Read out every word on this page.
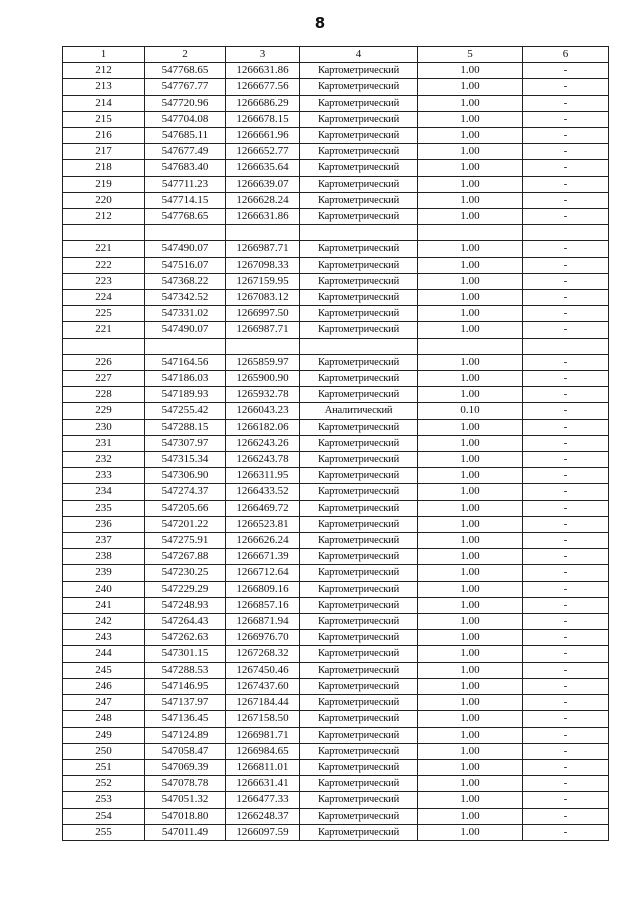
8
1	2	3	4	5	6
212	547768.65	1266631.86	Картометрический	1.00	-
213	547767.77	1266677.56	Картометрический	1.00	-
214	547720.96	1266686.29	Картометрический	1.00	-
215	547704.08	1266678.15	Картометрический	1.00	-
216	547685.11	1266661.96	Картометрический	1.00	-
217	547677.49	1266652.77	Картометрический	1.00	-
218	547683.40	1266635.64	Картометрический	1.00	-
219	547711.23	1266639.07	Картометрический	1.00	-
220	547714.15	1266628.24	Картометрический	1.00	-
212	547768.65	1266631.86	Картометрический	1.00	-

221	547490.07	1266987.71	Картометрический	1.00	-
222	547516.07	1267098.33	Картометрический	1.00	-
223	547368.22	1267159.95	Картометрический	1.00	-
224	547342.52	1267083.12	Картометрический	1.00	-
225	547331.02	1266997.50	Картометрический	1.00	-
221	547490.07	1266987.71	Картометрический	1.00	-

226	547164.56	1265859.97	Картометрический	1.00	-
227	547186.03	1265900.90	Картометрический	1.00	-
228	547189.93	1265932.78	Картометрический	1.00	-
229	547255.42	1266043.23	Аналитический	0.10	-
230	547288.15	1266182.06	Картометрический	1.00	-
231	547307.97	1266243.26	Картометрический	1.00	-
232	547315.34	1266243.78	Картометрический	1.00	-
233	547306.90	1266311.95	Картометрический	1.00	-
234	547274.37	1266433.52	Картометрический	1.00	-
235	547205.66	1266469.72	Картометрический	1.00	-
236	547201.22	1266523.81	Картометрический	1.00	-
237	547275.91	1266626.24	Картометрический	1.00	-
238	547267.88	1266671.39	Картометрический	1.00	-
239	547230.25	1266712.64	Картометрический	1.00	-
240	547229.29	1266809.16	Картометрический	1.00	-
241	547248.93	1266857.16	Картометрический	1.00	-
242	547264.43	1266871.94	Картометрический	1.00	-
243	547262.63	1266976.70	Картометрический	1.00	-
244	547301.15	1267268.32	Картометрический	1.00	-
245	547288.53	1267450.46	Картометрический	1.00	-
246	547146.95	1267437.60	Картометрический	1.00	-
247	547137.97	1267184.44	Картометрический	1.00	-
248	547136.45	1267158.50	Картометрический	1.00	-
249	547124.89	1266981.71	Картометрический	1.00	-
250	547058.47	1266984.65	Картометрический	1.00	-
251	547069.39	1266811.01	Картометрический	1.00	-
252	547078.78	1266631.41	Картометрический	1.00	-
253	547051.32	1266477.33	Картометрический	1.00	-
254	547018.80	1266248.37	Картометрический	1.00	-
255	547011.49	1266097.59	Картометрический	1.00	-
